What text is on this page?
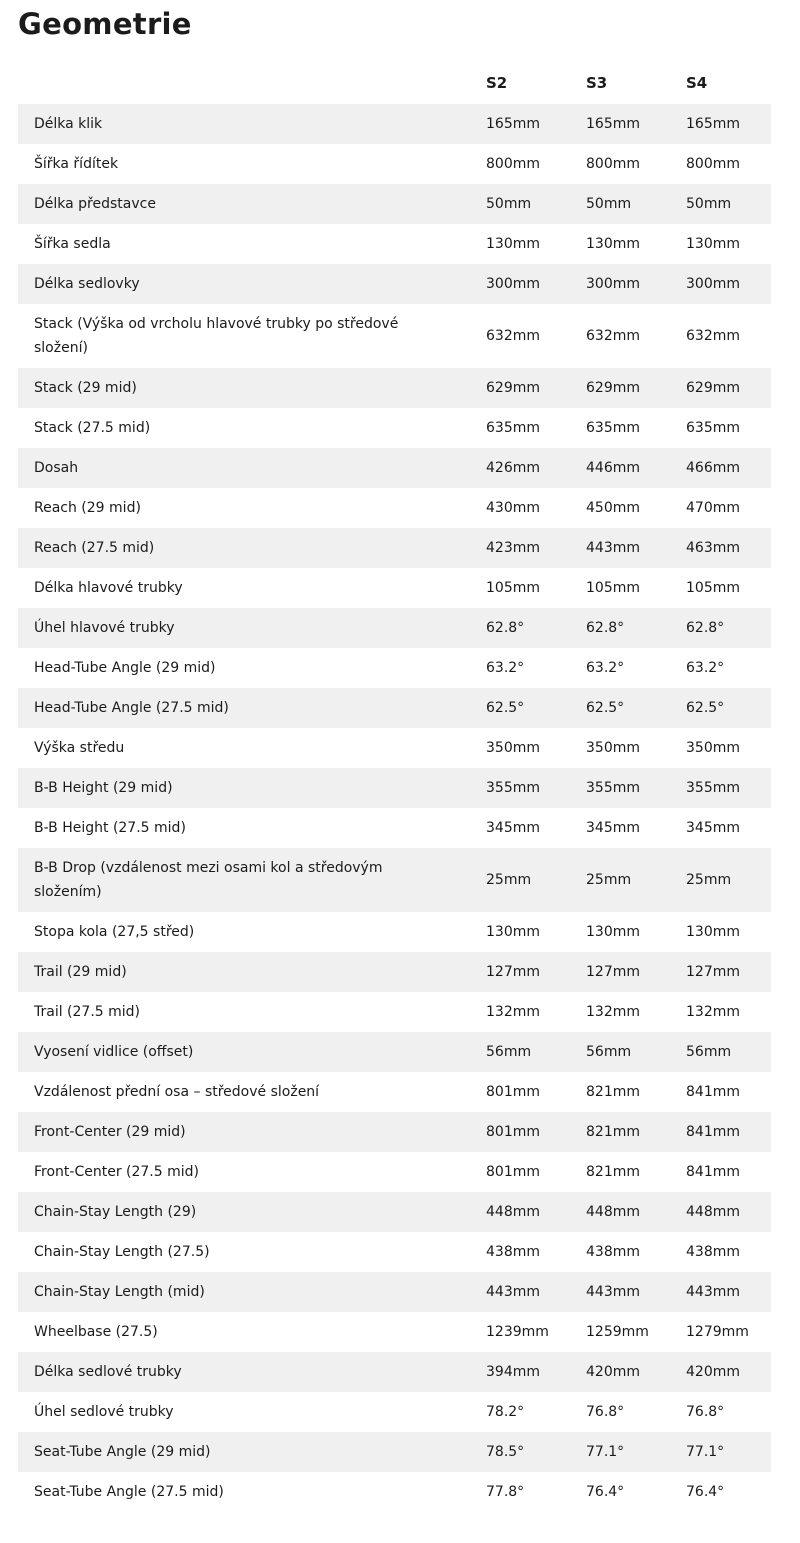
Geometrie
S2	S3	S4
Délka klik	165mm	165mm	165mm
Šířka řídítek	800mm	800mm	800mm
Délka představce	50mm	50mm	50mm
Šířka sedla	130mm	130mm	130mm
Délka sedlovky	300mm	300mm	300mm
Stack (Výška od vrcholu hlavové trubky po středové složení)
632mm	632mm	632mm
Stack (29 mid)	629mm	629mm	629mm
Stack (27.5 mid)	635mm	635mm	635mm
Dosah	426mm	446mm	466mm
Reach (29 mid)	430mm	450mm	470mm
Reach (27.5 mid)	423mm	443mm	463mm
Délka hlavové trubky	105mm	105mm	105mm
Úhel hlavové trubky	62.8°	62.8°	62.8°
Head-Tube Angle (29 mid)	63.2°	63.2°	63.2°
Head-Tube Angle (27.5 mid)	62.5°	62.5°	62.5°
Výška středu	350mm	350mm	350mm
B-B Height (29 mid)	355mm	355mm	355mm
B-B Height (27.5 mid)	345mm	345mm	345mm
B-B Drop (vzdálenost mezi osami kol a středovým složením)
25mm	25mm	25mm
Stopa kola (27,5 střed)	130mm	130mm	130mm
Trail (29 mid)	127mm	127mm	127mm
Trail (27.5 mid)	132mm	132mm	132mm
Vyosení vidlice (offset)	56mm	56mm	56mm
Vzdálenost přední osa – středové složení	801mm	821mm	841mm
Front-Center (29 mid)	801mm	821mm	841mm
Front-Center (27.5 mid)	801mm	821mm	841mm
Chain-Stay Length (29)	448mm	448mm	448mm
Chain-Stay Length (27.5)	438mm	438mm	438mm
Chain-Stay Length (mid)	443mm	443mm	443mm
Wheelbase (27.5)	1239mm	1259mm	1279mm
Délka sedlové trubky	394mm	420mm	420mm
Úhel sedlové trubky	78.2°	76.8°	76.8°
Seat-Tube Angle (29 mid)	78.5°	77.1°	77.1°
Seat-Tube Angle (27.5 mid)	77.8°	76.4°	76.4°
